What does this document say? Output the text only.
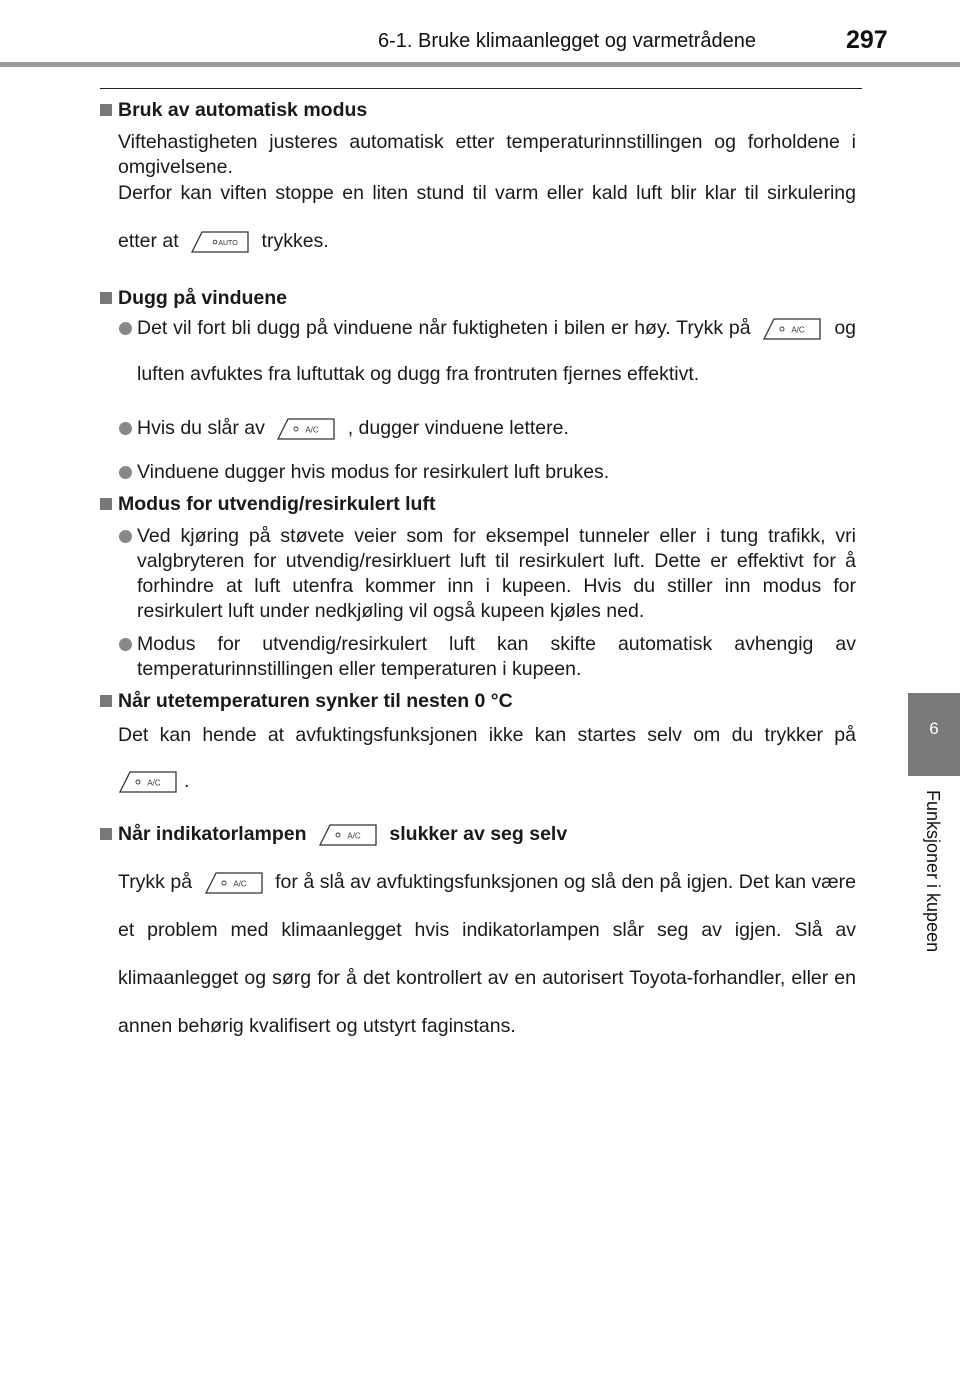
6-1. Bruke klimaanlegget og varmetrådene	297
6
Funksjoner i kupeen
Bruk av automatisk modus
Viftehastigheten justeres automatisk etter temperaturinnstillingen og forholdene i omgivelsene.
Derfor kan viften stoppe en liten stund til varm eller kald luft blir klar til sirkulering etter at	AUTO trykkes.
Dugg på vinduene
Det vil fort bli dugg på vinduene når fuktigheten i bilen er høy. Trykk på	A/C og luften avfuktes fra luftuttak og dugg fra frontruten fjernes effektivt.
Hvis du slår av	A/C , dugger vinduene lettere.
Vinduene dugger hvis modus for resirkulert luft brukes.
Modus for utvendig/resirkulert luft
Ved kjøring på støvete veier som for eksempel tunneler eller i tung trafikk, vri valgbryteren for utvendig/resirkluert luft til resirkulert luft. Dette er effektivt for å forhindre at luft utenfra kommer inn i kupeen. Hvis du stiller inn modus for resirkulert luft under nedkjøling vil også kupeen kjøles ned.
Modus for utvendig/resirkulert luft kan skifte automatisk avhengig av temperaturinnstillingen eller temperaturen i kupeen.
Når utetemperaturen synker til nesten 0 °C
Det kan hende at avfuktingsfunksjonen ikke kan startes selv om du trykker på
A/C .
Når indikatorlampen	A/C slukker av seg selv
Trykk på	A/C for å slå av avfuktingsfunksjonen og slå den på igjen. Det kan være et problem med klimaanlegget hvis indikatorlampen slår seg av igjen. Slå av klimaanlegget og sørg for å det kontrollert av en autorisert Toyota-forhandler, eller en annen behørig kvalifisert og utstyrt faginstans.
